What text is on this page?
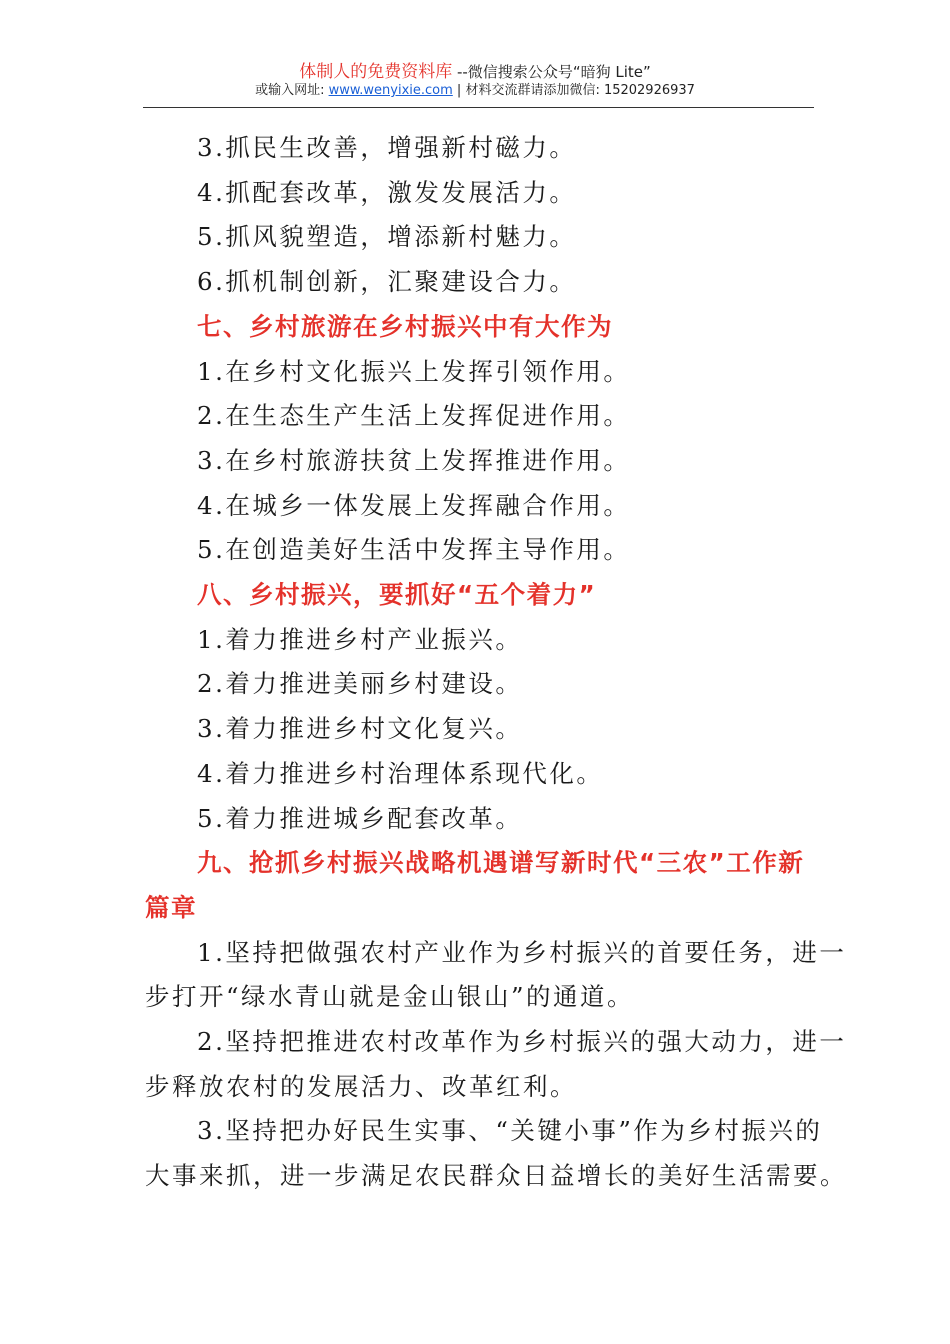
体制人的免费资料库 --微信搜索公众号“暗狗 Lite”
或输入网址: www.wenyixie.com | 材料交流群请添加微信: 15202926937

3.抓民生改善，增强新村磁力。

4.抓配套改革，激发发展活力。

5.抓风貌塑造，增添新村魅力。

6.抓机制创新，汇聚建设合力。

七、乡村旅游在乡村振兴中有大作为

1.在乡村文化振兴上发挥引领作用。

2.在生态生产生活上发挥促进作用。

3.在乡村旅游扶贫上发挥推进作用。

4.在城乡一体发展上发挥融合作用。

5.在创造美好生活中发挥主导作用。

八、乡村振兴，要抓好“五个着力”

1.着力推进乡村产业振兴。

2.着力推进美丽乡村建设。

3.着力推进乡村文化复兴。

4.着力推进乡村治理体系现代化。

5.着力推进城乡配套改革。

九、抢抓乡村振兴战略机遇谱写新时代“三农”工作新
篇章

1.坚持把做强农村产业作为乡村振兴的首要任务，进一
步打开“绿水青山就是金山银山”的通道。

2.坚持把推进农村改革作为乡村振兴的强大动力，进一
步释放农村的发展活力、改革红利。

3.坚持把办好民生实事、“关键小事”作为乡村振兴的
大事来抓，进一步满足农民群众日益增长的美好生活需要。
